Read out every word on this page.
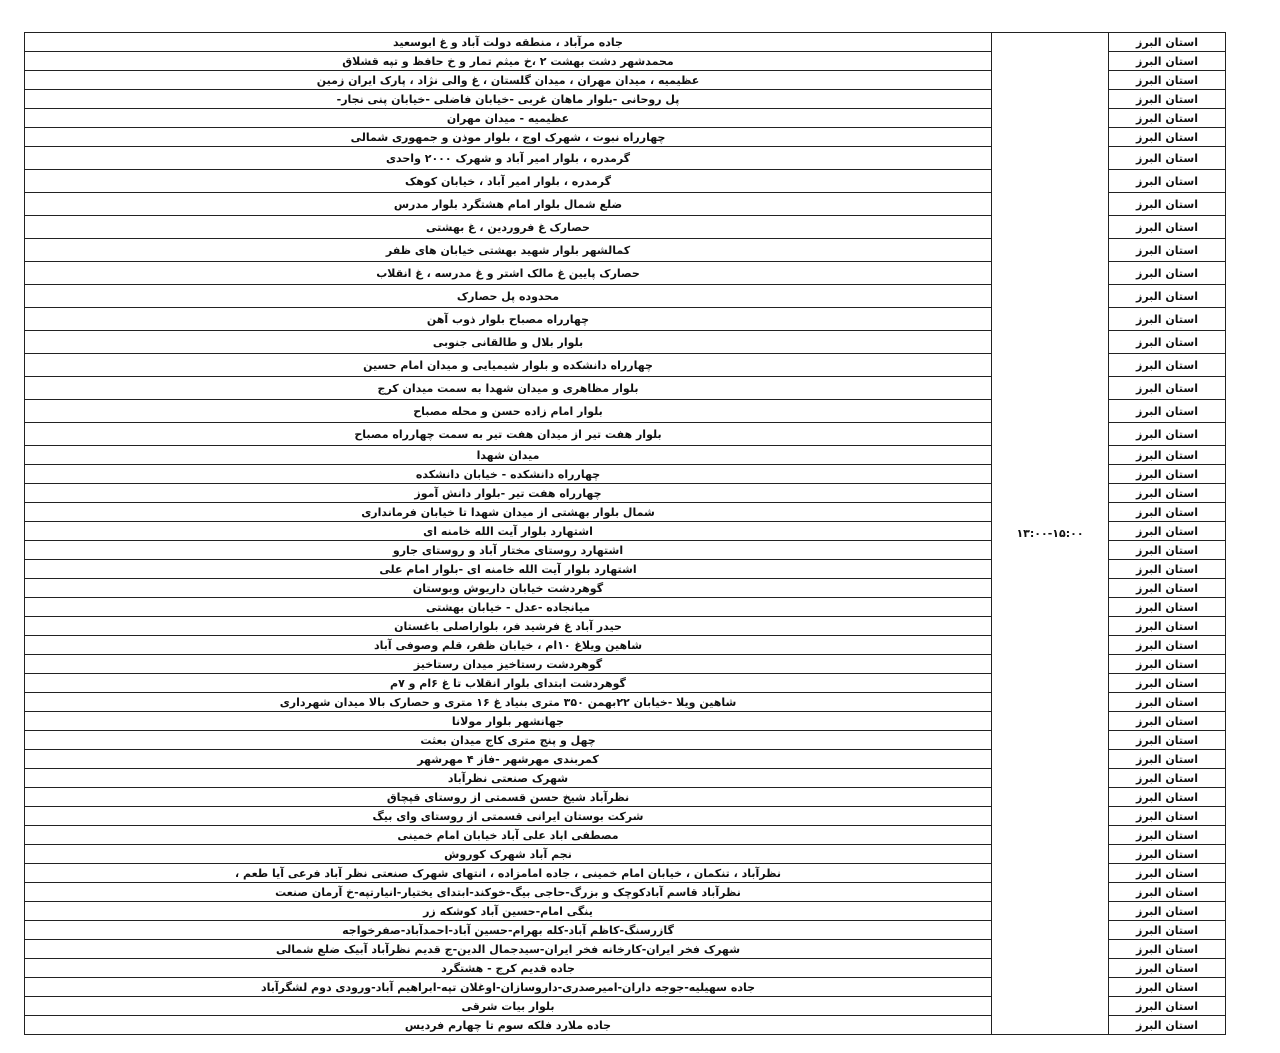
استان البرز	۱۳:۰۰-۱۵:۰۰	جاده مرآباد ، منطقه دولت آباد و غ ابوسعید
استان البرز		محمدشهر دشت بهشت ۲ ،خ میثم تمار و خ حافظ و تپه قشلاق
استان البرز		عظیمیه ، میدان مهران ، میدان گلستان ، غ والی نژاد ، پارک ایران زمین
استان البرز		پل روحانی -بلوار ماهان غربی -خیابان فاضلی -خیابان پنی نجار-
استان البرز		عظیمیه - میدان مهران
استان البرز		چهارراه نبوت ، شهرک اوج ، بلوار موذن و جمهوری شمالی
استان البرز		گرمدره ، بلوار امیر آباد و شهرک ۲۰۰۰ واحدی
استان البرز		گرمدره ، بلوار امیر آباد ، خیابان کوهک
استان البرز		ضلع شمال بلوار امام هشتگرد بلوار مدرس
استان البرز		حصارک غ فروردین ، غ بهشتی
استان البرز		کمالشهر بلوار شهید بهشتی خیابان های ظفر
استان البرز		حصارک پایین غ مالک اشتر و غ مدرسه ، غ انقلاب
استان البرز		محدوده پل حصارک
استان البرز		چهارراه مصباح بلوار ذوب آهن
استان البرز		بلوار بلال و طالقانی جنوبی
استان البرز		چهارراه دانشکده و بلوار شیمیایی و میدان امام حسین
استان البرز		بلوار مظاهری و میدان شهدا به سمت میدان کرج
استان البرز		بلوار امام زاده حسن و محله مصباح
استان البرز		بلوار هفت تیر از میدان هفت تیر به سمت چهارراه مصباح
استان البرز		میدان شهدا
استان البرز		چهارراه دانشکده - خیابان دانشکده
استان البرز		چهارراه هفت تیر -بلوار دانش آموز
استان البرز		شمال بلوار بهشتی از میدان شهدا تا خیابان فرمانداری
استان البرز		اشتهارد بلوار آیت الله خامنه ای
استان البرز		اشتهارد روستای مختار آباد و روستای جارو
استان البرز		اشتهارد بلوار آیت الله خامنه ای -بلوار امام علی
استان البرز		گوهردشت خیابان داریوش وبوستان
استان البرز		میانجاده -عدل - خیابان بهشتی
استان البرز		حیدر آباد غ فرشید فر، بلواراصلی باغستان
استان البرز		شاهین ویلاغ ۱۰ام ، خیابان ظفر، قلم وصوفی آباد
استان البرز		گوهردشت رستاخیز میدان رستاخیز
استان البرز		گوهردشت ابتدای بلوار انقلاب تا غ ۶ام و ۷م
استان البرز		شاهین ویلا -خیابان ۲۲بهمن ۳۵۰ متری بنیاد غ ۱۶ متری و حصارک بالا میدان شهرداری
استان البرز		جهانشهر بلوار مولانا
استان البرز		چهل و پنج متری کاج میدان بعثت
استان البرز		کمربندی مهرشهر -فاز ۴ مهرشهر
استان البرز		شهرک صنعتی نظرآباد
استان البرز		نظرآباد شیخ حسن قسمتی از روستای قپچاق
استان البرز		شرکت بوستان ایرانی قسمتی از روستای وای بیگ
استان البرز		مصطفی اباد علی آباد خیابان امام خمینی
استان البرز		نجم آباد شهرک کوروش
استان البرز		نظرآباد ، تنکمان ، خیابان امام خمینی ، جاده امامزاده ، انتهای شهرک صنعتی نظر آباد فرعی آیا طعم ،
استان البرز		نظرآباد قاسم آبادکوچک و بزرگ-حاجی بیگ-خوکند-ابتدای یختیار-انیارتپه-خ آرمان صنعت
استان البرز		ینگی امام-حسین آباد کوشکه زر
استان البرز		گازرسنگ-کاظم آباد-کله بهرام-حسین آباد-احمدآباد-صفرخواجه
استان البرز		شهرک فخر ایران-کارخانه فخر ایران-سیدجمال الدین-ج قدیم نظرآباد آبیک ضلع شمالی
استان البرز		جاده قدیم کرج - هشتگرد
استان البرز		جاده سهیلیه-جوجه داران-امیرصدری-داروسازان-اوغلان تپه-ابراهیم آباد-ورودی دوم لشگرآباد
استان البرز		بلوار بیات شرقی
استان البرز		جاده ملارد فلکه سوم تا چهارم فردیس
